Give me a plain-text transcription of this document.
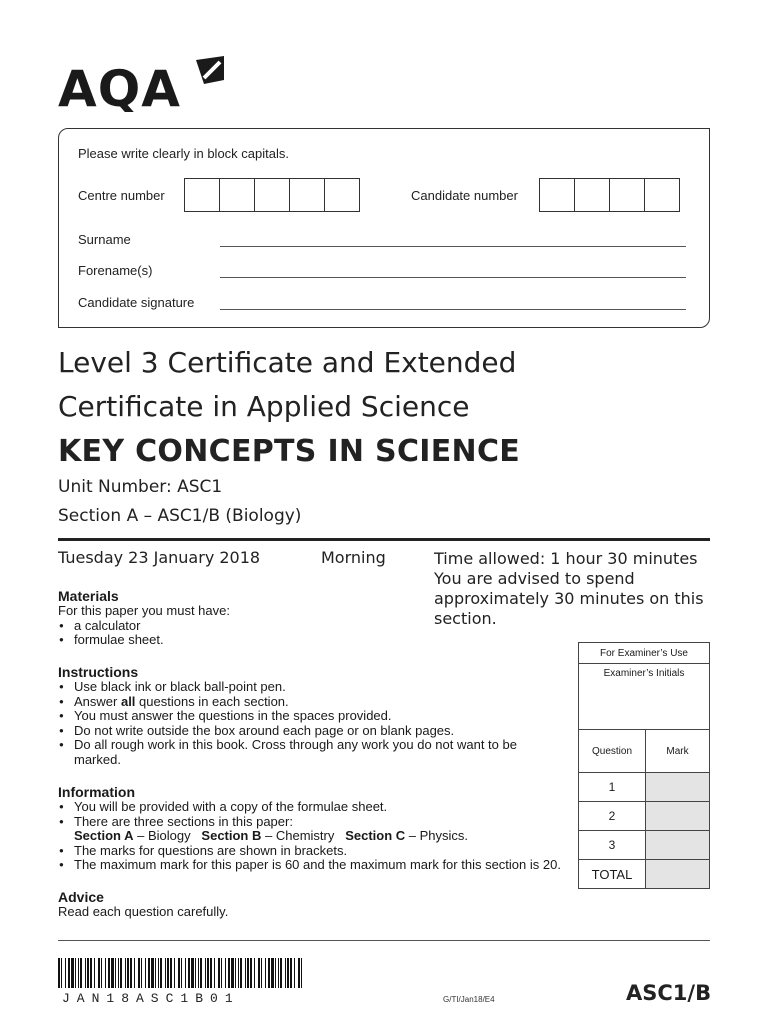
AQA
Please write clearly in block capitals.
Centre number	Candidate number
Surname
Forename(s)
Candidate signature
Level 3 Certificate and Extended
Certificate in Applied Science
KEY CONCEPTS IN SCIENCE
Unit Number: ASC1
Section A – ASC1/B (Biology)
Tuesday 23 January 2018	Morning	Time allowed: 1 hour 30 minutes
You are advised to spend approximately 30 minutes on this section.
Materials
For this paper you must have:
● a calculator
● formulae sheet.
Instructions
● Use black ink or black ball-point pen.
● Answer all questions in each section.
● You must answer the questions in the spaces provided.
● Do not write outside the box around each page or on blank pages.
● Do all rough work in this book. Cross through any work you do not want to be marked.
Information
● You will be provided with a copy of the formulae sheet.
● There are three sections in this paper:
Section A – Biology Section B – Chemistry Section C – Physics.
● The marks for questions are shown in brackets.
● The maximum mark for this paper is 60 and the maximum mark for this section is 20.
Advice
Read each question carefully.
For Examiner’s Use
Examiner’s Initials
Question	Mark
1
2
3
TOTAL
JAN18ASC1B01	G/TI/Jan18/E4	ASC1/B
